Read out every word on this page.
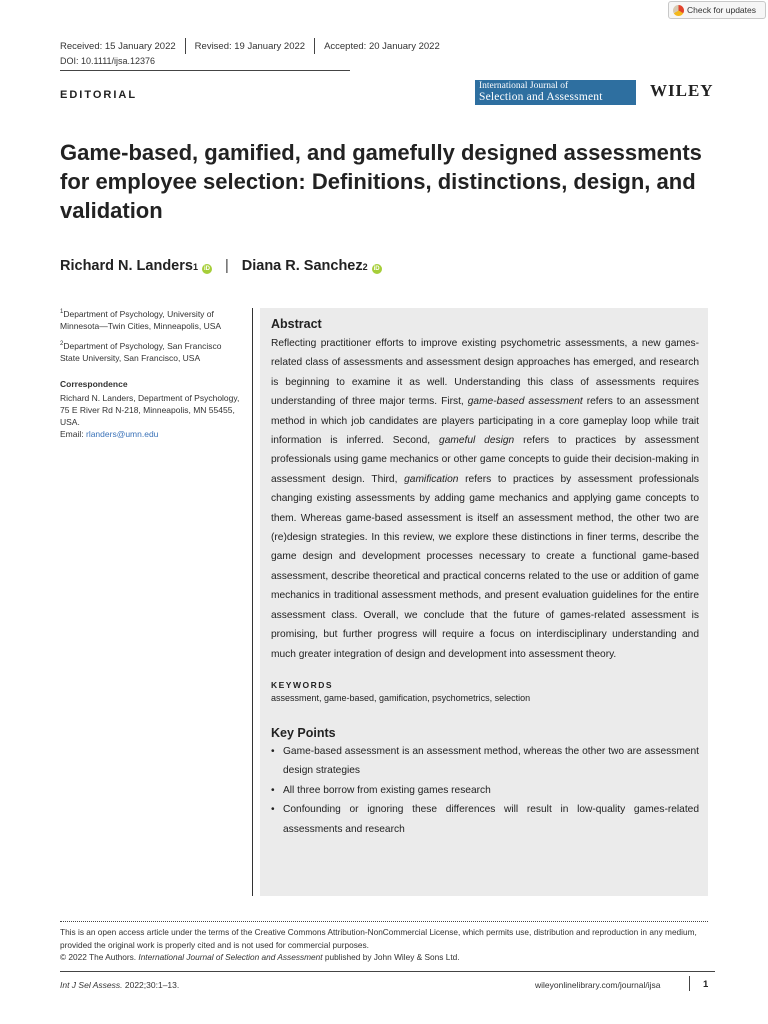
Check for updates
Received: 15 January 2022 Revised: 19 January 2022 Accepted: 20 January 2022
DOI: 10.1111/ijsa.12376
EDITORIAL
International Journal of
Selection and Assessment	WILEY
Game-based, gamified, and gamefully designed assessments for employee selection: Definitions, distinctions, design, and validation
Richard N. Landers 1	iD | Diana R. Sanchez 2	iD

$^1$Department of Psychology, University of Minnesota—Twin Cities, Minneapolis, USA

$^2$Department of Psychology, San Francisco State University, San Francisco, USA

Correspondence

Richard N. Landers, Department of Psychology, 75 E River Rd N-218, Minneapolis, MN 55455, USA.
Email: rlanders@umn.edu

Abstract

Reflecting practitioner efforts to improve existing psychometric assessments, a new games-related class of assessments and assessment design approaches has emerged, and research is beginning to examine it as well. Understanding this class of assessments requires understanding of three major terms. First, game-based assessment refers to an assessment method in which job candidates are players participating in a core gameplay loop while trait information is inferred. Second, gameful design refers to practices by assessment professionals using game mechanics or other game concepts to guide their decision-making in assessment design. Third, gamification refers to practices by assessment professionals changing existing assessments by adding game mechanics and applying game concepts to them. Whereas game-based assessment is itself an assessment method, the other two are (re)design strategies. In this review, we explore these distinctions in finer terms, describe the game design and development processes necessary to create a functional game-based assessment, describe theoretical and practical concerns related to the use or addition of game mechanics in traditional assessment methods, and present evaluation guidelines for the entire assessment class. Overall, we conclude that the future of games-related assessment is promising, but further progress will require a focus on interdisciplinary understanding and much greater integration of design and development into assessment theory.

KEYWORDS
assessment, game-based, gamification, psychometrics, selection
Key Points
• Game-based assessment is an assessment method, whereas the other two are assessment design strategies
• All three borrow from existing games research
• Confounding or ignoring these differences will result in low-quality games-related assessments and research

This is an open access article under the terms of the Creative Commons Attribution-NonCommercial License, which permits use, distribution and reproduction in any medium, provided the original work is properly cited and is not used for commercial purposes.

© 2022 The Authors. International Journal of Selection and Assessment published by John Wiley & Sons Ltd.

Int J Sel Assess. 2022;30:1–13.	wileyonlinelibrary.com/journal/ijsa	1
